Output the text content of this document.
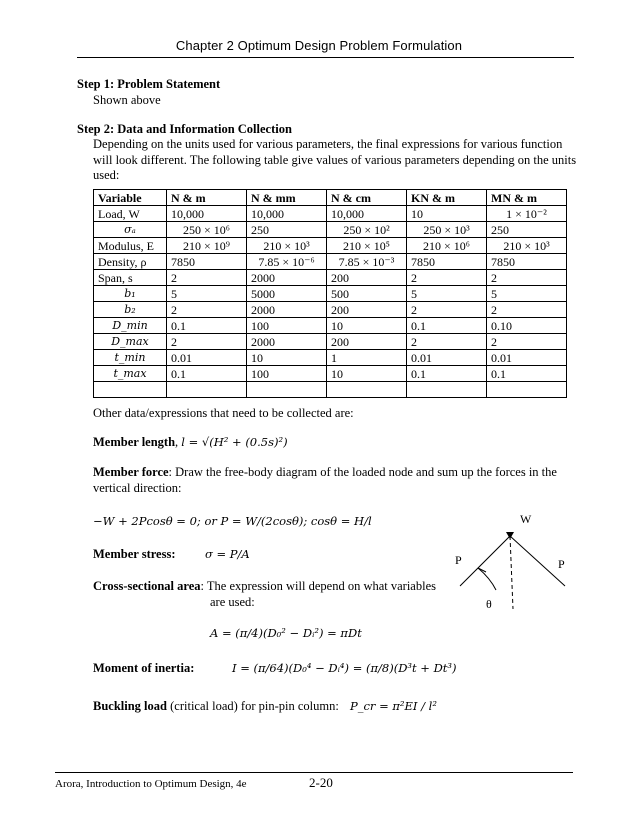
Chapter 2 Optimum Design Problem Formulation
Step 1: Problem Statement
Shown above
Step 2: Data and Information Collection
Depending on the units used for various parameters, the final expressions for various function
will look different. The following table give values of various parameters depending on the units
used:
Variable	N & m	N & mm	N & cm	KN & m	MN & m
Load, W	10,000	10,000	10,000	10	1 × 10⁻²
σₐ	250 × 10⁶	250	250 × 10²	250 × 10³	250
Modulus, E	210 × 10⁹	210 × 10³	210 × 10⁵	210 × 10⁶	210 × 10³
Density, ρ	7850	7.85 × 10⁻⁶	7.85 × 10⁻³	7850	7850
Span, s	2	2000	200	2	2
b₁	5	5000	500	5	5
b₂	2	2000	200	2	2
D_min	0.1	100	10	0.1	0.10
D_max	2	2000	200	2	2
t_min	0.01	10	1	0.01	0.01
t_max	0.1	100	10	0.1	0.1

Other data/expressions that need to be collected are:
Member length, l = √(H² + (0.5s)²)
Member force: Draw the free-body diagram of the loaded node and sum up the forces in the
vertical direction:
−W + 2Pcosθ = 0; or P = W/(2cosθ); cosθ = H/l
Member stress:	σ = P/A
Cross-sectional area: The expression will depend on what variables
are used:
A = (π/4)(D₀² − Dᵢ²) = πDt
Moment of inertia:	I = (π/64)(D₀⁴ − Dᵢ⁴) = (π/8)(D³t + Dt³)
Buckling load (critical load) for pin-pin column: P_cr = π²EI / l²
W
P	P
θ
Arora, Introduction to Optimum Design, 4e	2-20
